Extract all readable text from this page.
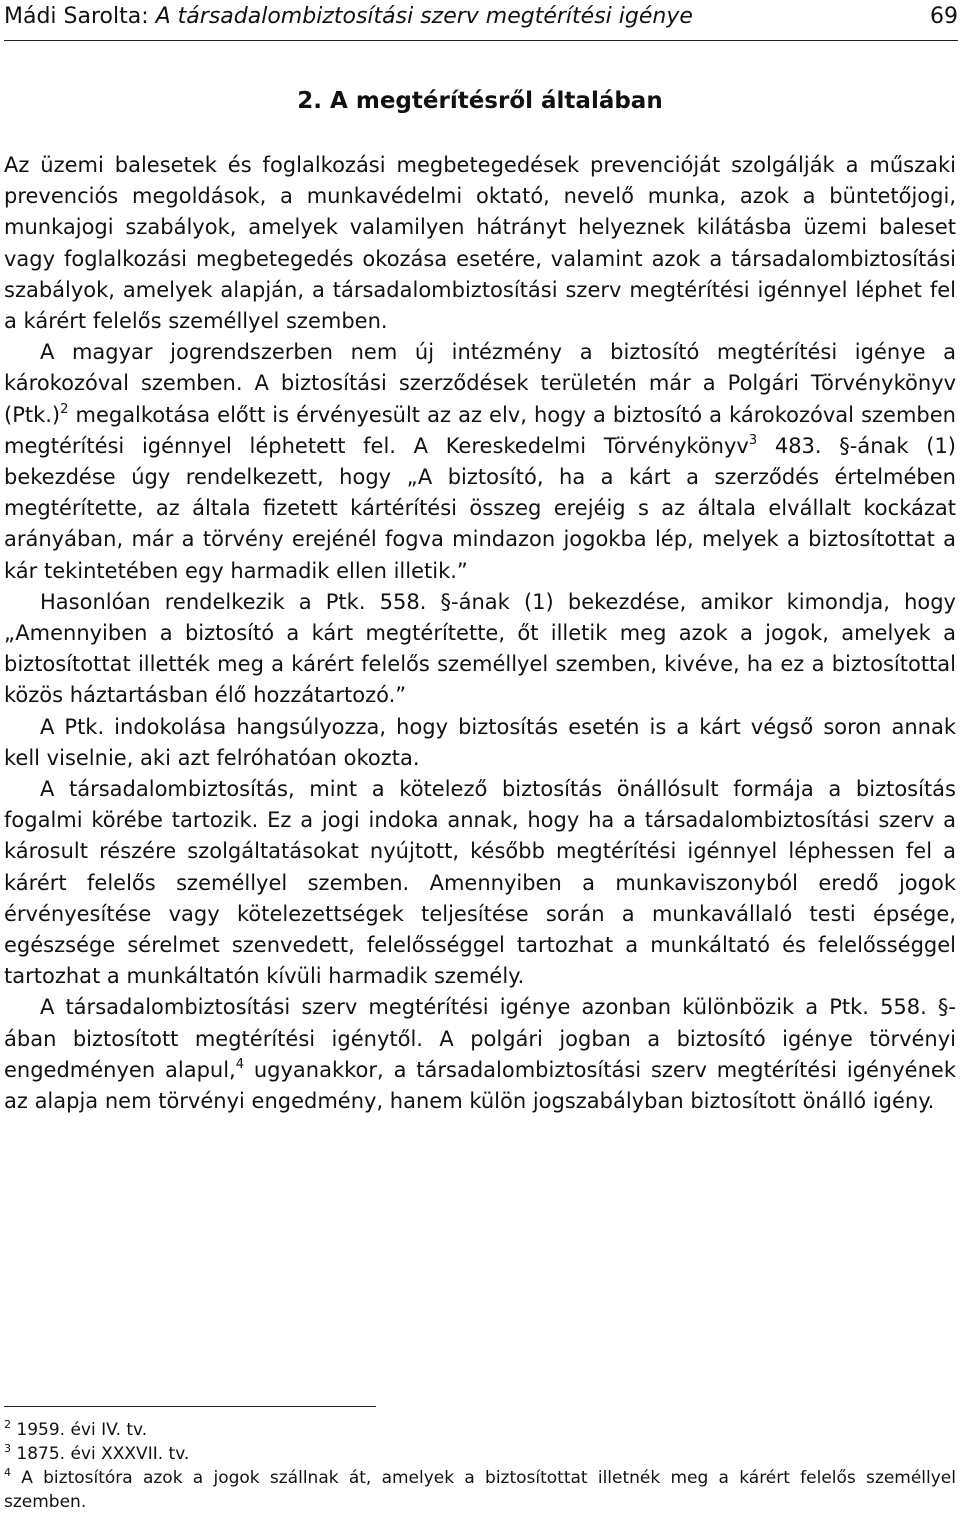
Mádi Sarolta: A társadalombiztosítási szerv megtérítési igénye	69
2. A megtérítésről általában

Az üzemi balesetek és foglalkozási megbetegedések prevencióját szolgálják a műszaki prevenciós megoldások, a munkavédelmi oktató, nevelő munka, azok a büntetőjogi, munkajogi szabályok, amelyek valamilyen hátrányt helyeznek kilátásba üzemi baleset vagy foglalkozási megbetegedés okozása esetére, valamint azok a társadalombiztosítási szabályok, amelyek alapján, a társadalombiztosítási szerv megtérítési igénnyel léphet fel a kárért felelős személlyel szemben.

A magyar jogrendszerben nem új intézmény a biztosító megtérítési igénye a károkozóval szemben. A biztosítási szerződések területén már a Polgári Törvénykönyv $(Ptk.)^2$ megalkotása előtt is érvényesült az az elv, hogy a biztosító a károkozóval szemben megtérítési igénnyel léphetett fel. A Kereskedelmi Törvénykönyv$^3$ 483. §-ának (1) bekezdése úgy rendelkezett, hogy „A biztosító, ha a kárt a szerződés értelmében megtérítette, az általa fizetett kártérítési összeg erejéig s az általa elvállalt kockázat arányában, már a törvény erejénél fogva mindazon jogokba lép, melyek a biztosítottat a kár tekintetében egy harmadik ellen illetik.”

Hasonlóan rendelkezik a Ptk. 558. §-ának (1) bekezdése, amikor kimondja, hogy „Amennyiben a biztosító a kárt megtérítette, őt illetik meg azok a jogok, amelyek a biztosítottat illették meg a kárért felelős személlyel szemben, kivéve, ha ez a biztosítottal közös háztartásban élő hozzátartozó.”

A Ptk. indokolása hangsúlyozza, hogy biztosítás esetén is a kárt végső soron annak kell viselnie, aki azt felróhatóan okozta.

A társadalombiztosítás, mint a kötelező biztosítás önállósult formája a biztosítás fogalmi körébe tartozik. Ez a jogi indoka annak, hogy ha a társadalombiztosítási szerv a károsult részére szolgáltatásokat nyújtott, később megtérítési igénnyel léphessen fel a kárért felelős személlyel szemben. Amennyiben a munkaviszonyból eredő jogok érvényesítése vagy kötelezettségek teljesítése során a munkavállaló testi épsége, egészsége sérelmet szenvedett, felelősséggel tartozhat a munkáltató és felelősséggel tartozhat a munkáltatón kívüli harmadik személy.

A társadalombiztosítási szerv megtérítési igénye azonban különbözik a Ptk. 558. §-ában biztosított megtérítési igénytől. A polgári jogban a biztosító igénye törvényi engedményen alapul,$^4$ ugyanakkor, a társadalombiztosítási szerv megtérítési igényének az alapja nem törvényi engedmény, hanem külön jogszabályban biztosított önálló igény.

$^2$ 1959. évi IV. tv.

$^3$ 1875. évi XXXVII. tv.

$^4$ A biztosítóra azok a jogok szállnak át, amelyek a biztosítottat illetnék meg a kárért felelős személlyel szemben.
